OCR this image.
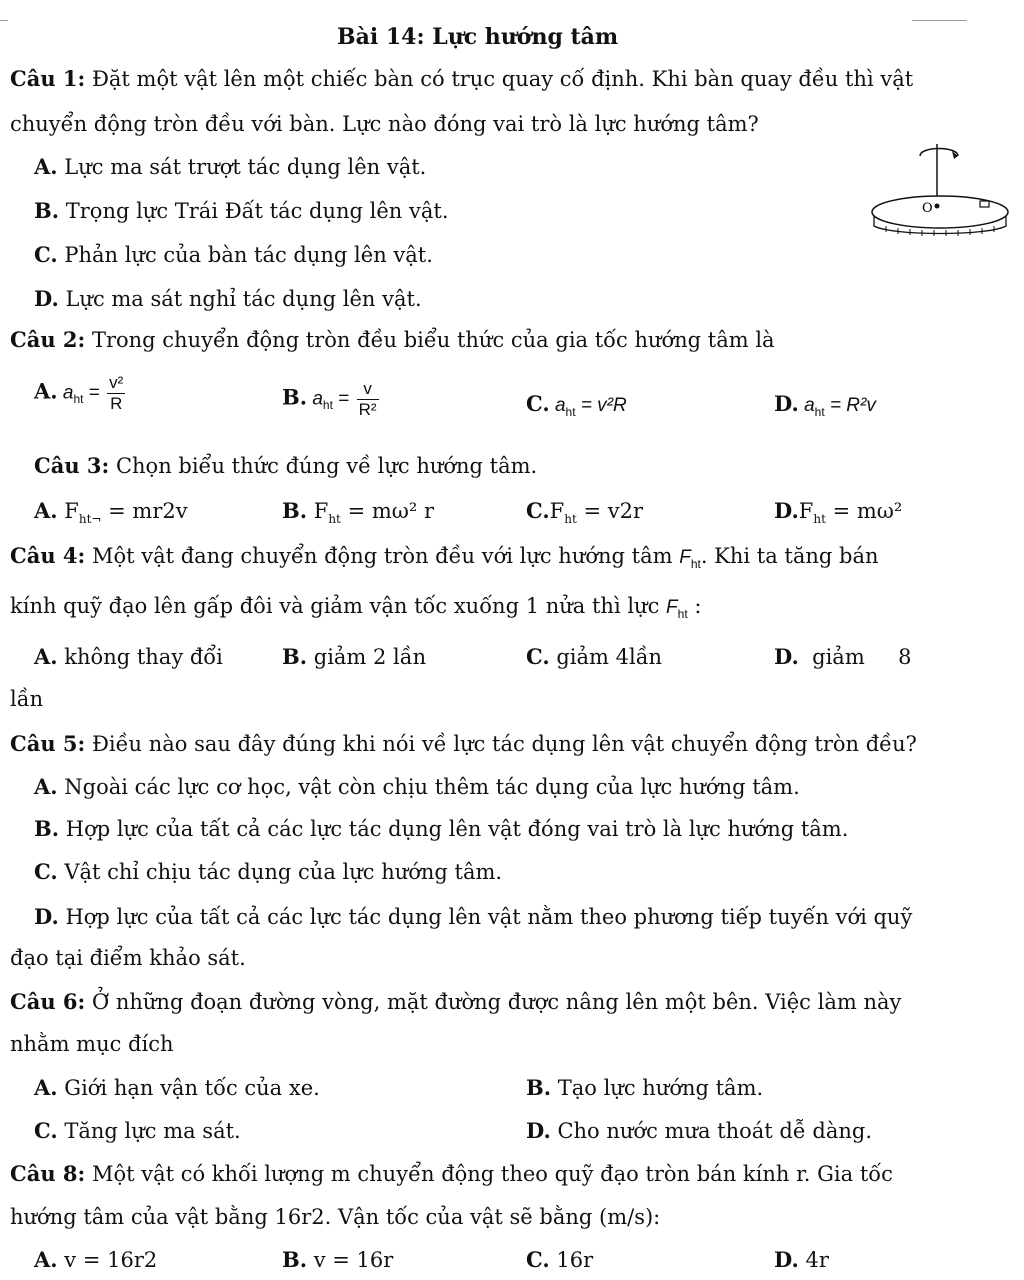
Bài 14: Lực hướng tâm
Câu 1: Đặt một vật lên một chiếc bàn có trục quay cố định. Khi bàn quay đều thì vật
chuyển động tròn đều với bàn. Lực nào đóng vai trò là lực hướng tâm?
A. Lực ma sát trượt tác dụng lên vật.
B. Trọng lực Trái Đất tác dụng lên vật.
C. Phản lực của bàn tác dụng lên vật.
D. Lực ma sát nghỉ tác dụng lên vật.
O
Câu 2: Trong chuyển động tròn đều biểu thức của gia tốc hướng tâm là
A. $a_{ht} = \frac{\text{v²}}{R}$	B. $a_{ht} = \frac{v}{\text{R²}}$	C. $a_{ht} = v^2R$	D. $a_{ht} = R^2v$
Câu 3: Chọn biểu thức đúng về lực hướng tâm.
A. $F_{ht\neg} = mr2v$	B. $F_{ht} = m\omega^2$ r	$C.F_{ht} = v2r$	$D.F_{ht} = m\omega^2$
Câu 4: Một vật đang chuyển động tròn đều với lực hướng tâm $F_{ht}$. Khi ta tăng bán
kính quỹ đạo lên gấp đôi và giảm vận tốc xuống 1 nửa thì lực $F_{ht}$ :
A. không thay đổi	B. giảm 2 lần	C. giảm 4lần	D. giảm     8
lần
Câu 5: Điều nào sau đây đúng khi nói về lực tác dụng lên vật chuyển động tròn đều?
A. Ngoài các lực cơ học, vật còn chịu thêm tác dụng của lực hướng tâm.
B. Hợp lực của tất cả các lực tác dụng lên vật đóng vai trò là lực hướng tâm.
C. Vật chỉ chịu tác dụng của lực hướng tâm.
D. Hợp lực của tất cả các lực tác dụng lên vật nằm theo phương tiếp tuyến với quỹ
đạo tại điểm khảo sát.
Câu 6: Ở những đoạn đường vòng, mặt đường được nâng lên một bên. Việc làm này
nhằm mục đích
A. Giới hạn vận tốc của xe.	B. Tạo lực hướng tâm.
C. Tăng lực ma sát.	D. Cho nước mưa thoát dễ dàng.
Câu 8: Một vật có khối lượng m chuyển động theo quỹ đạo tròn bán kính r. Gia tốc
hướng tâm của vật bằng 16r2. Vận tốc của vật sẽ bằng (m/s):
A. v = 16r2	B. v = 16r	C. 16r	D. 4r
